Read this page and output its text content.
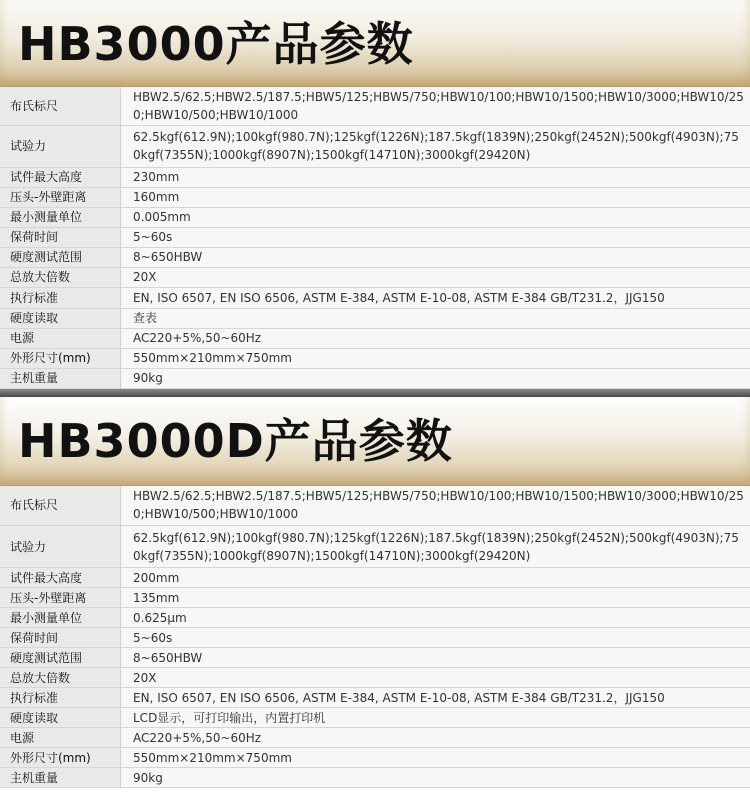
HB3000产品参数
布氏标尺	HBW2.5/62.5;HBW2.5/187.5;HBW5/125;HBW5/750;HBW10/100;HBW10/1500;HBW10/3000;HBW10/250;HBW10/500;HBW10/1000
试验力	62.5kgf(612.9N);100kgf(980.7N);125kgf(1226N);187.5kgf(1839N);250kgf(2452N);500kgf(4903N);750kgf(7355N);1000kgf(8907N);1500kgf(14710N);3000kgf(29420N)
试件最大高度	230mm
压头-外壁距离	160mm
最小测量单位	0.005mm
保荷时间	5~60s
硬度测试范围	8~650HBW
总放大倍数	20X
执行标准	EN, ISO 6507, EN ISO 6506, ASTM E-384, ASTM E-10-08, ASTM E-384 GB/T231.2，JJG150
硬度读取	查表
电源	AC220+5%,50~60Hz
外形尺寸(mm)	550mm×210mm×750mm
主机重量	90kg
HB3000D产品参数
布氏标尺	HBW2.5/62.5;HBW2.5/187.5;HBW5/125;HBW5/750;HBW10/100;HBW10/1500;HBW10/3000;HBW10/250;HBW10/500;HBW10/1000
试验力	62.5kgf(612.9N);100kgf(980.7N);125kgf(1226N);187.5kgf(1839N);250kgf(2452N);500kgf(4903N);750kgf(7355N);1000kgf(8907N);1500kgf(14710N);3000kgf(29420N)
试件最大高度	200mm
压头-外壁距离	135mm
最小测量单位	0.625μm
保荷时间	5~60s
硬度测试范围	8~650HBW
总放大倍数	20X
执行标准	EN, ISO 6507, EN ISO 6506, ASTM E-384, ASTM E-10-08, ASTM E-384 GB/T231.2，JJG150
硬度读取	LCD显示，可打印输出，内置打印机
电源	AC220+5%,50~60Hz
外形尺寸(mm)	550mm×210mm×750mm
主机重量	90kg
